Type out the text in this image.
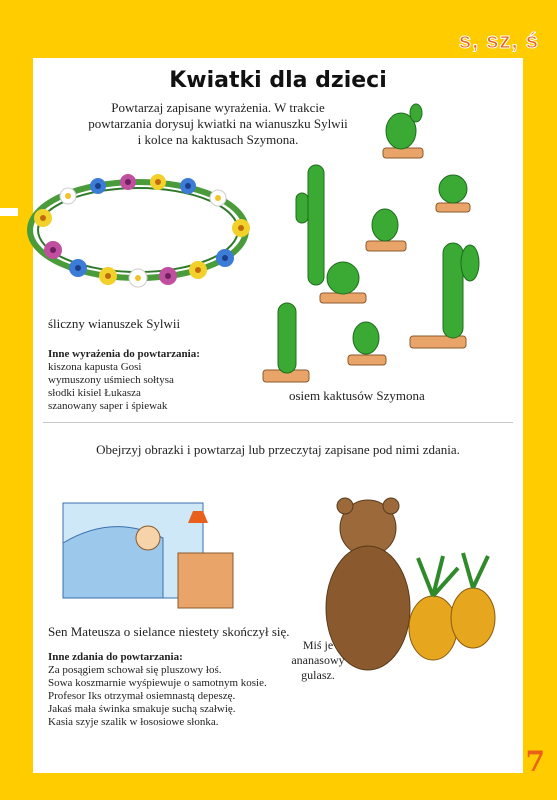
s, sz, ś
Kwiatki dla dzieci
Powtarzaj zapisane wyrażenia. W trakcie
powtarzania dorysuj kwiatki na wianuszku Sylwii
i kolce na kaktusach Szymona.
śliczny wianuszek Sylwii
Inne wyrażenia do powtarzania:
kiszona kapusta Gosi
wymuszony uśmiech sołtysa
słodki kisiel Łukasza
szanowany saper i śpiewak
osiem kaktusów Szymona
Obejrzyj obrazki i powtarzaj lub przeczytaj zapisane pod nimi zdania.
Sen Mateusza o sielance niestety skończył się.
Inne zdania do powtarzania:
Za posągiem schował się pluszowy łoś.
Sowa koszmarnie wyśpiewuje o samotnym kosie.
Profesor Iks otrzymał osiemnastą depeszę.
Jakaś mała świnka smakuje suchą szałwię.
Kasia szyje szalik w łososiowe słonka.
Miś je
ananasowy
gulasz.
7
